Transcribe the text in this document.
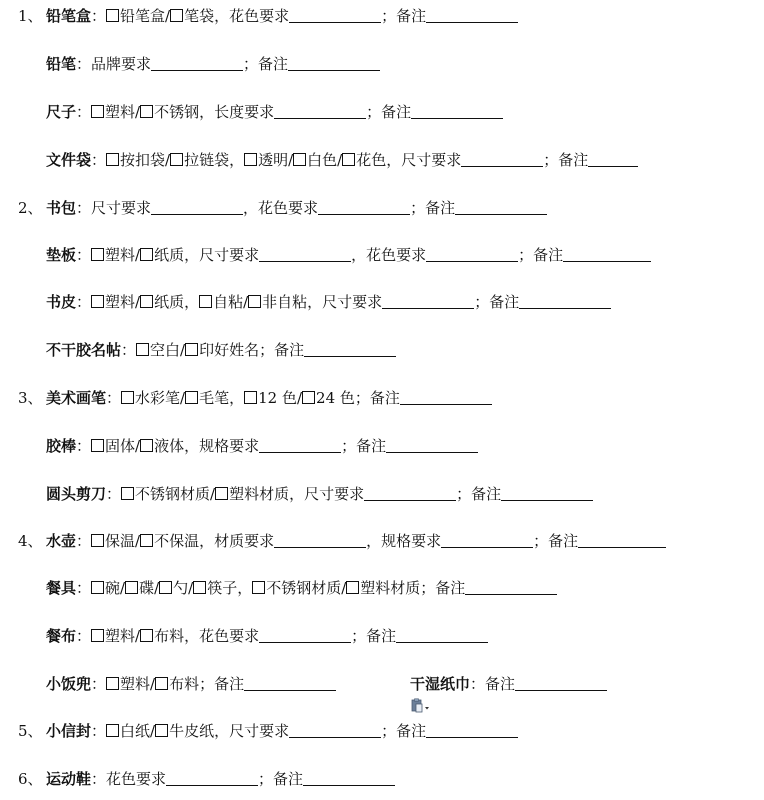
1、 铅笔盒： 铅笔盒/ 笔袋，花色要求	；备注
铅笔：品牌要求	；备注
尺子： 塑料/ 不锈钢，长度要求	；备注
文件袋： 按扣袋/ 拉链袋， 透明/ 白色/ 花色，尺寸要求	；备注
2、 书包：尺寸要求	，花色要求	；备注
垫板： 塑料/ 纸质，尺寸要求	，花色要求	；备注
书皮： 塑料/ 纸质， 自粘/ 非自粘，尺寸要求	；备注
不干胶名帖： 空白/ 印好姓名；备注
3、 美术画笔： 水彩笔/ 毛笔， 12 色/ 24 色；备注
胶棒： 固体/ 液体，规格要求	；备注
圆头剪刀： 不锈钢材质/ 塑料材质，尺寸要求	；备注
4、 水壶： 保温/ 不保温，材质要求	，规格要求	；备注
餐具： 碗/ 碟/ 勺/ 筷子， 不锈钢材质/ 塑料材质；备注
餐布： 塑料/ 布料，花色要求	；备注
小饭兜： 塑料/ 布料；备注	干湿纸巾：备注
5、 小信封： 白纸/ 牛皮纸，尺寸要求	；备注
6、 运动鞋：花色要求	；备注
